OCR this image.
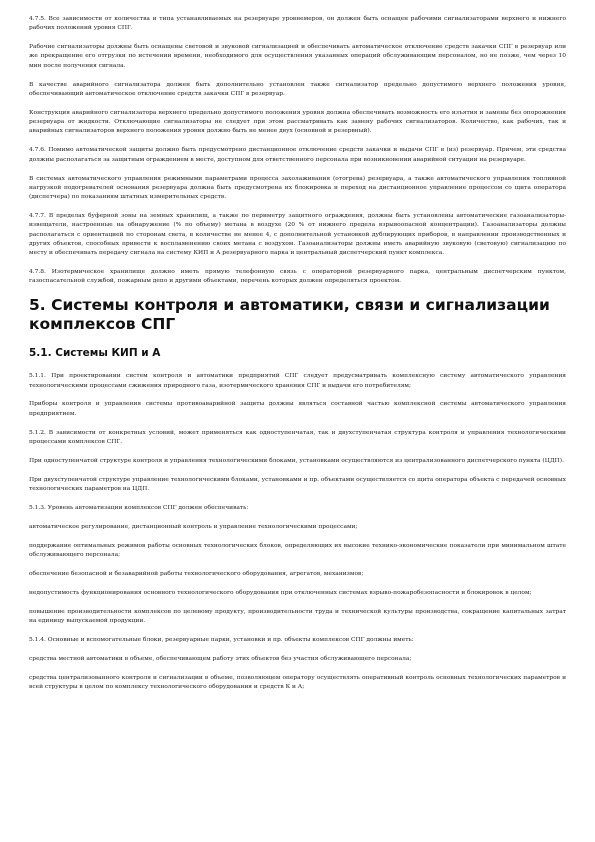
4.7.5. Все зависимости от количества и типа устанавливаемых на резервуаре уровнемеров, он должен быть оснащен рабочими сигнализаторами верхнего и нижнего рабочих положений уровня СПГ.

Рабочие сигнализаторы должны быть оснащены световой и звуковой сигнализацией и обеспечивать автоматическое отключение средств закачки СПГ в резервуар или же прекращение его отгрузки по истечении времени, необходимого для осуществления указанных операций обслуживающим персоналом, но не позже, чем через 10 мин после получения сигнала.

В качестве аварийного сигнализатора должен быть дополнительно установлен также сигнализатор предельно допустимого верхнего положения уровня, обеспечивающий автоматическое отключение средств закачки СПГ в резервуар.

Конструкция аварийного сигнализатора верхнего предельно допустимого положения уровня должна обеспечивать возможность его изъятия и замены без опорожнения резервуара от жидкости. Отключающие сигнализаторы не следует при этом рассматривать как замену рабочих сигнализаторов. Количество, как рабочих, так и аварийных сигнализаторов верхнего положения уровня должно быть не менее двух (основной и резервный).

4.7.6. Помимо автоматической защиты должно быть предусмотрено дистанционное отключение средств закачки и выдачи СПГ в (из) резервуар. Причем, эти средства должны располагаться за защитным ограждением в месте, доступном для ответственного персонала при возникновении аварийной ситуации на резервуаре.

В системах автоматического управления режимными параметрами процесса захолаживания (отогрева) резервуара, а также автоматического управления топливной нагрузкой подогревателей основания резервуара должна быть предусмотрена их блокировка и переход на дистанционное управление процессом со щита оператора (диспетчера) по показаниям штатных измерительных средств.

4.7.7. В пределах буферной зоны на земных хранилищ, а также по периметру защитного ограждения, должны быть установлены автоматические газоанализаторы-извещатели, настроенные на обнаружение (% по объему) метана в воздухе (20 % от нижнего предела взрывоопасной концентрации). Газоанализаторы должны располагаться с ориентацией по сторонам света, в количестве не менее 4, с дополнительной установкой дублирующих приборов, в направлении производственных и других объектов, способных привести к воспламенению своих метана с воздухом. Газоанализаторы должны иметь аварийную звуковую (световую) сигнализацию по месту и обеспечивать передачу сигнала на систему КИП и А резервуарного парка и центральный диспетчерский пункт комплекса.

4.7.8. Изотермическое хранилище должно иметь прямую телефонную связь с операторной резервуарного парка, центральным диспетчерским пунктом, газоспасательной службой, пожарным депо и другими объектами, перечень которых должен определяться проектом.

5. Системы контроля и автоматики, связи и сигнализации комплексов СПГ
5.1. Системы КИП и А

5.1.1. При проектировании систем контроля и автоматики предприятий СПГ следует предусматривать комплексную систему автоматического управления технологическими процессами сжижения природного газа, изотермического хранения СПГ и выдачи его потребителям;

Приборы контроля и управления системы противоаварийной защиты должны являться составной частью комплексной системы автоматического управления предприятием.

5.1.2. В зависимости от конкретных условий, может применяться как одноступенчатая, так и двухступенчатая структура контроля и управления технологическими процессами комплексов СПГ.

При одноступенчатой структуре контроля и управления технологическими блоками, установками осуществляются из централизованного диспетчерского пункта (ЦДП).

При двухступенчатой структуре управление технологическими блоками, установками и пр. объектами осуществляется со щита оператора объекта с передачей основных технологических параметров на ЦДП.

5.1.3. Уровень автоматизации комплексов СПГ должен обеспечивать:

автоматическое регулирование, дистанционный контроль и управление технологическими процессами;

поддержание оптимальных режимов работы основных технологических блоков, определяющих их высокие технико-экономические показатели при минимальном штате обслуживающего персонала;

обеспечение безопасной и безаварийной работы технологического оборудования, агрегатов, механизмов;

недопустимость функционирования основного технологического оборудования при отключенных системах взрыво-пожаробезопасности и блокировок в целом;

повышение производительности комплексов по целевому продукту, производительности труда и технической культуры производства, сокращение капитальных затрат на единицу выпускаемой продукции.

5.1.4. Основные и вспомогательные блоки, резервуарные парки, установки и пр. объекты комплексов СПГ должны иметь:

средства местной автоматики в объеме, обеспечивающем работу этих объектов без участия обслуживающего персонала;

средства централизованного контроля и сигнализации в объеме, позволяющем оператору осуществлять оперативный контроль основных технологических параметров и всей структуры в целом по комплексу технологического оборудования и средств К и А;
